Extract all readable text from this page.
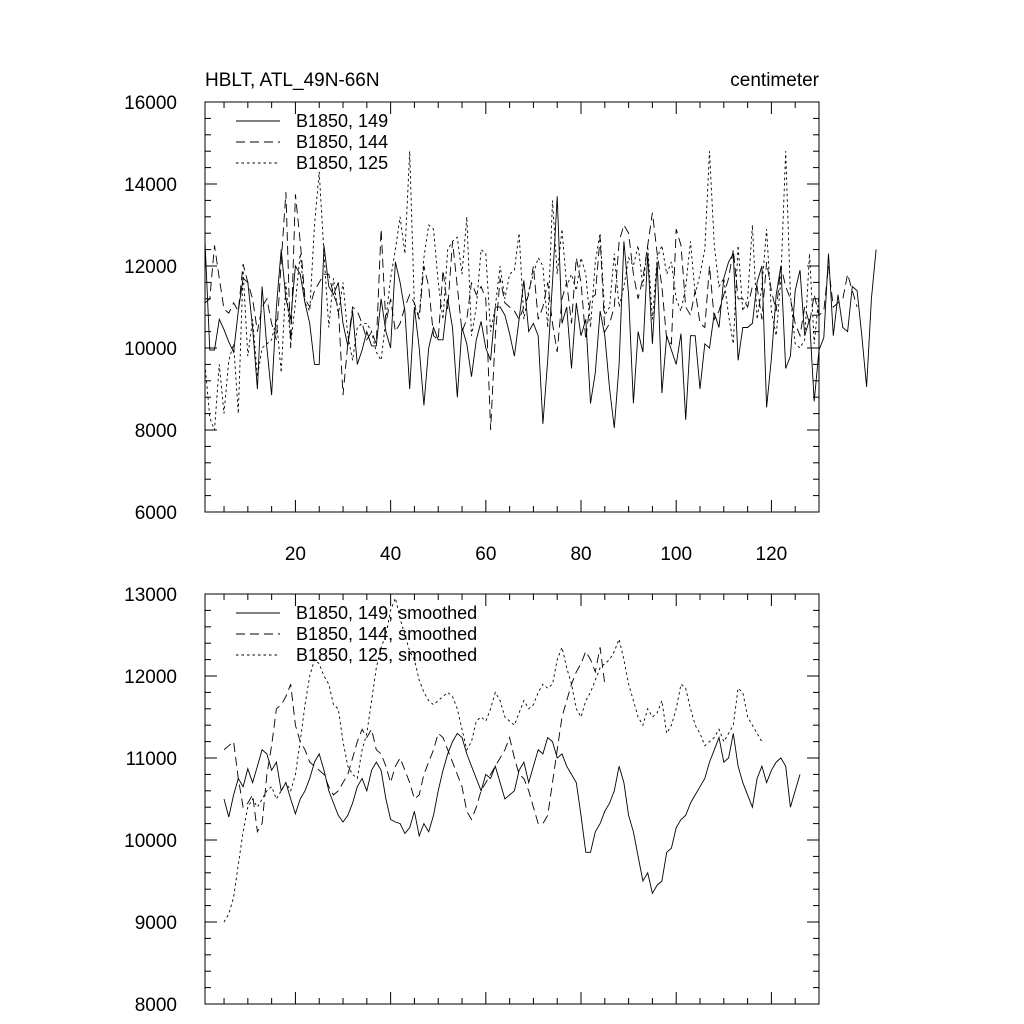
HBLT, ATL_49N-66N	centimeter
6000
8000
10000
12000
14000
16000
20	40	60	80	100	120
B1850, 149
B1850, 144
B1850, 125
8000
9000
10000
11000
12000
13000
B1850, 149, smoothed
B1850, 144, smoothed
B1850, 125, smoothed
